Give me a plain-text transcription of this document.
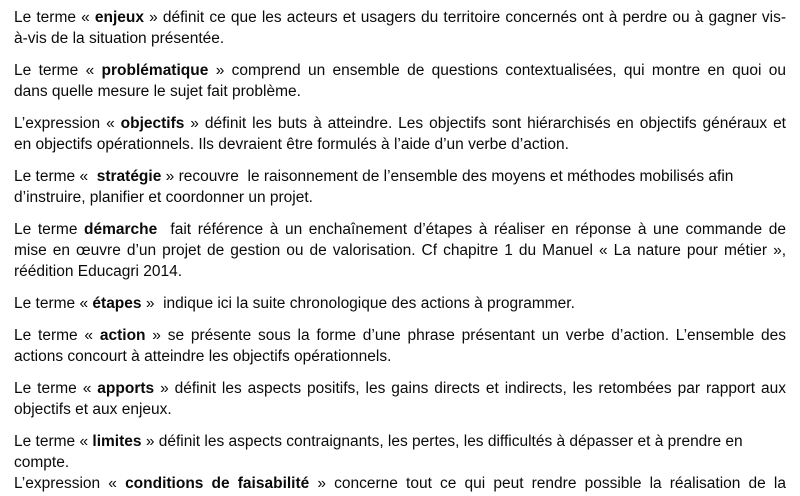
Le terme « enjeux » définit ce que les acteurs et usagers du territoire concernés ont à perdre ou à gagner vis-
à-vis de la situation présentée.
Le terme « problématique » comprend un ensemble de questions contextualisées, qui montre en quoi ou
dans quelle mesure le sujet fait problème.
L’expression « objectifs » définit les buts à atteindre. Les objectifs sont hiérarchisés en objectifs généraux et
en objectifs opérationnels. Ils devraient être formulés à l’aide d’un verbe d’action.
Le terme «  stratégie » recouvre  le raisonnement de l’ensemble des moyens et méthodes mobilisés afin
d’instruire, planifier et coordonner un projet.
Le terme démarche  fait référence à un enchaînement d’étapes à réaliser en réponse à une commande de
mise en œuvre d’un projet de gestion ou de valorisation. Cf chapitre 1 du Manuel « La nature pour métier »,
réédition Educagri 2014.
Le terme « étapes »  indique ici la suite chronologique des actions à programmer.
Le terme « action » se présente sous la forme d’une phrase présentant un verbe d’action. L’ensemble des
actions concourt à atteindre les objectifs opérationnels.
Le terme « apports » définit les aspects positifs, les gains directs et indirects, les retombées par rapport aux
objectifs et aux enjeux.
Le terme « limites » définit les aspects contraignants, les pertes, les difficultés à dépasser et à prendre en
compte.
L’expression « conditions de faisabilité » concerne tout ce qui peut rendre possible la réalisation de la
